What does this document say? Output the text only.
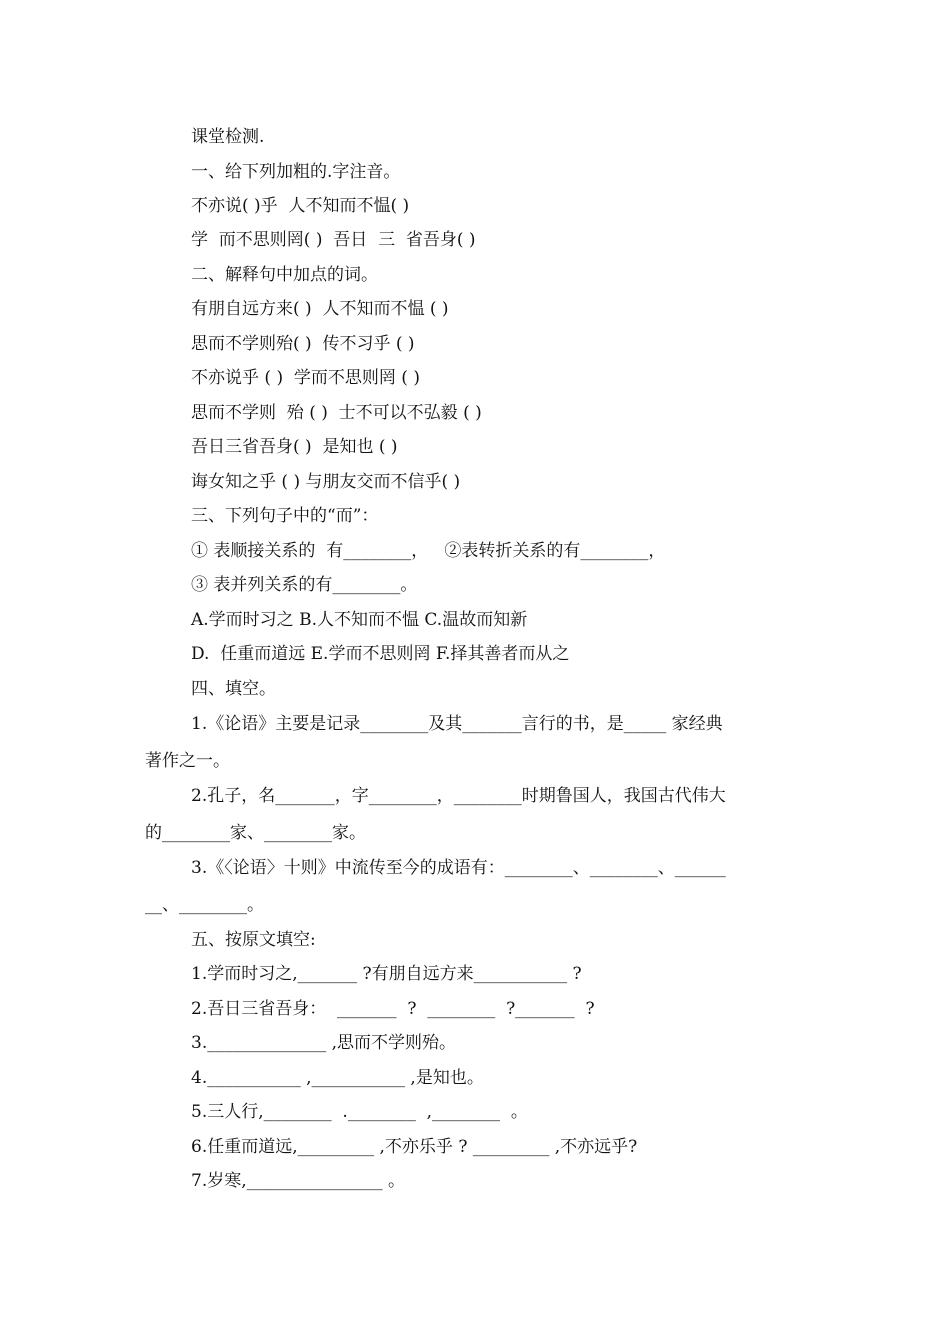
课堂检测.
一、给下列加粗的.字注音。
不亦说( )乎  人不知而不愠( )
学  而不思则罔( )  吾日  三  省吾身( )
二、解释句中加点的词。
有朋自远方来( )  人不知而不愠 ( )
思而不学则殆( )  传不习乎 ( )
不亦说乎 ( )  学而不思则罔 ( )
思而不学则  殆 ( )  士不可以不弘毅 ( )
吾日三省吾身( )  是知也 ( )
诲女知之乎 ( ) 与朋友交而不信乎( )
三、下列句子中的“而”：
① 表顺接关系的  有________，   ②表转折关系的有________，
③ 表并列关系的有________。
A.学而时习之 B.人不知而不愠 C.温故而知新
D.  任重而道远 E.学而不思则罔 F.择其善者而从之
四、填空。
1.《论语》主要是记录________及其_______言行的书，是_____ 家经典
著作之一。
2.孔子，名_______，字________，________时期鲁国人，我国古代伟大
的________家、________家。
3.《〈论语〉十则》中流传至今的成语有：________、________、______
__、________。
五、按原文填空:
1.学而时习之,_______ ?有朋自远方来___________ ?
2.吾日三省吾身：  _______  ?  ________  ?_______  ?
3.______________ ,思而不学则殆。
4.___________ ,___________ ,是知也。
5.三人行,________  .________  ,________  。
6.任重而道远,_________ ,不亦乐乎 ? _________ ,不亦远乎?
7.岁寒,________________ 。
